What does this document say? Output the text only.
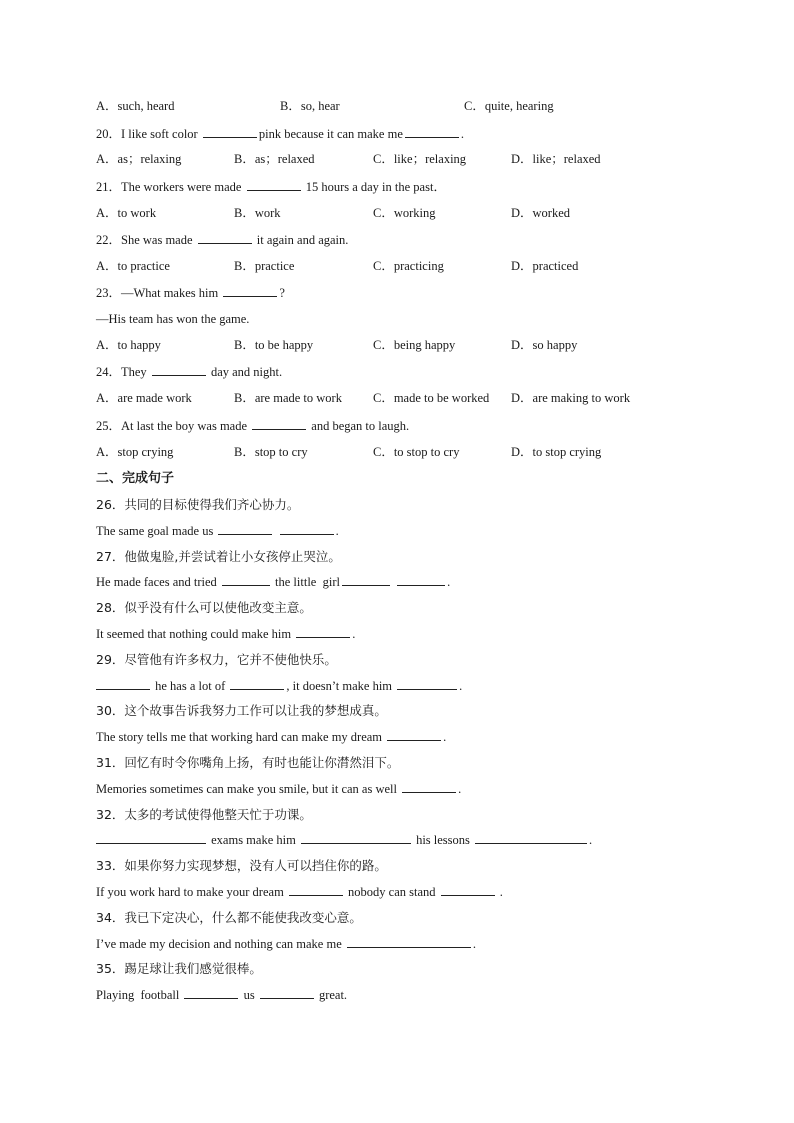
A．such, heard	B．so, hear	C．quite, hearing
20．I like soft color	pink because it can make me	.
A．as；relaxing	B．as；relaxed	C．like；relaxing	D．like；relaxed
21．The workers were made	15 hours a day in the past．
A．to work	B．work	C．working	D．worked
22．She was made	it again and again.
A．to practice	B．practice	C．practicing	D．practiced
23．—What makes him	?
—His team has won the game.
A．to happy	B．to be happy	C．being happy	D．so happy
24．They	day and night.
A．are made work	B．are made to work C．made to be worked D．are making to work
25．At last the boy was made	and began to laugh.
A．stop crying	B．stop to cry	C．to stop to cry	D．to stop crying
二、完成句子
26．共同的目标使得我们齐心协力。
The same goal made us	.
27．他做鬼脸,并尝试着让小女孩停止哭泣。
He made faces and tried	the little  girl	.
28．似乎没有什么可以使他改变主意。
It seemed that nothing could make him	.
29．尽管他有许多权力，它并不使他快乐。
he has a lot of	, it doesn’t make him	.
30．这个故事告诉我努力工作可以让我的梦想成真。
The story tells me that working hard can make my dream	.
31．回忆有时令你嘴角上扬，有时也能让你潸然泪下。
Memories sometimes can make you smile, but it can as well	.
32．太多的考试使得他整天忙于功课。
exams make him	his lessons	.
33．如果你努力实现梦想，没有人可以挡住你的路。
If you work hard to make your dream	nobody can stand	.
34．我已下定决心，什么都不能使我改变心意。
I’ve made my decision and nothing can make me	.
35．踢足球让我们感觉很棒。
Playing  football	us	great.
